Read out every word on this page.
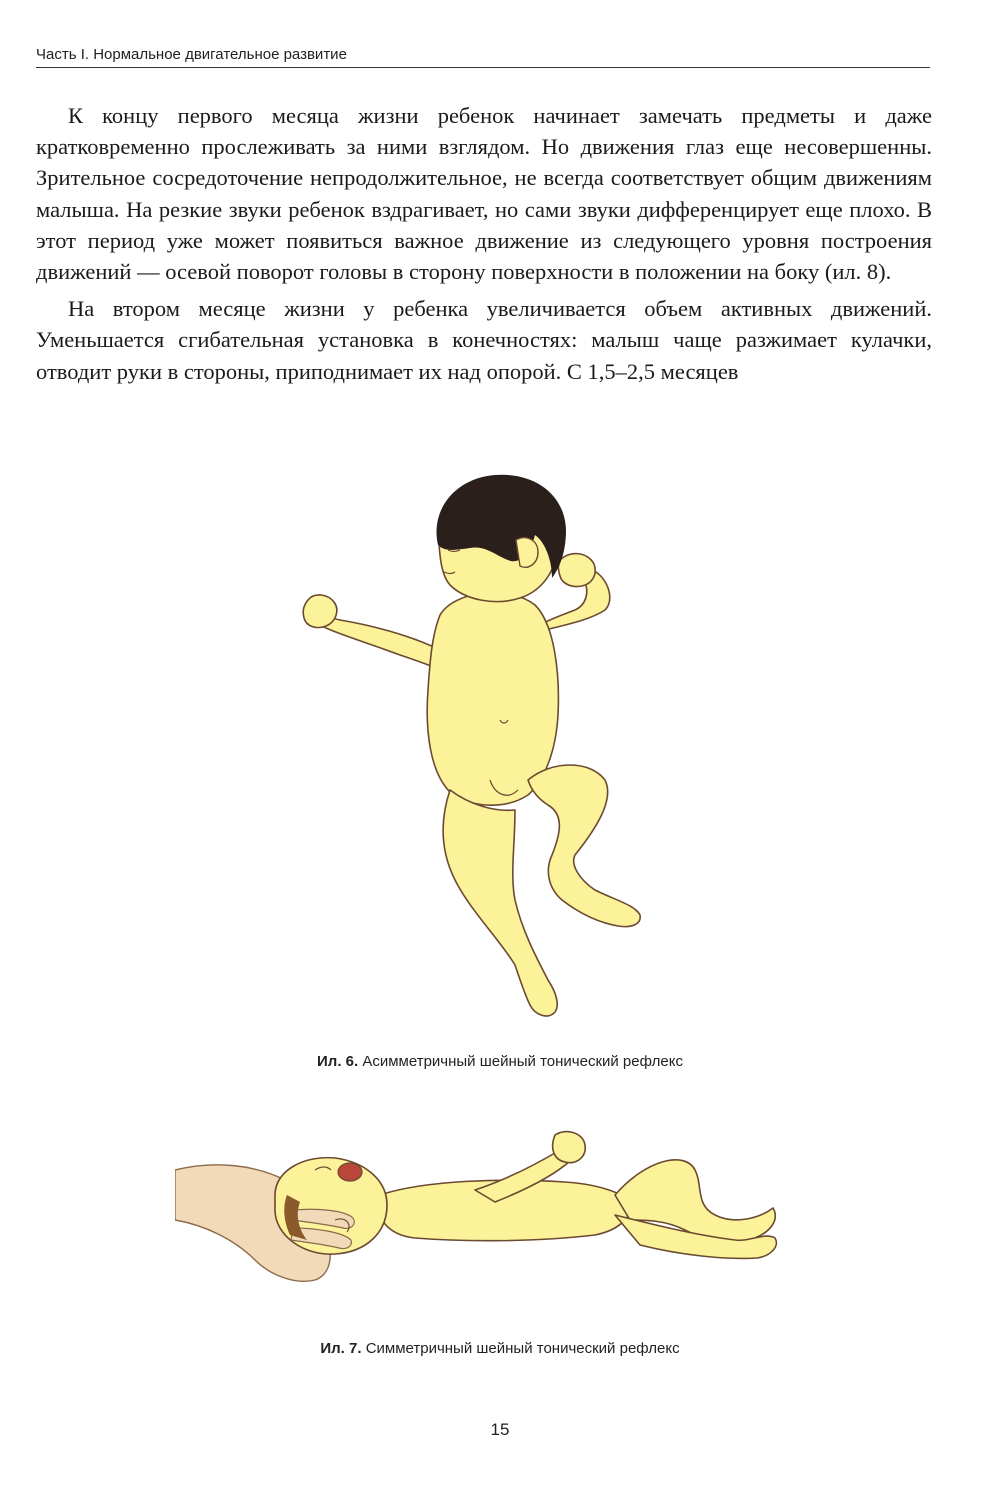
Часть I. Нормальное двигательное развитие

К концу первого месяца жизни ребенок начинает замечать предметы и даже кратковременно прослеживать за ними взглядом. Но движения глаз еще несовершенны. Зрительное сосредоточение непродолжительное, не всегда соответствует общим движениям малыша. На резкие звуки ребенок вздрагивает, но сами звуки дифференцирует еще плохо. В этот период уже может появиться важное движение из следующего уровня построения движений — осевой поворот головы в сторону поверхности в положении на боку (ил. 8).

На втором месяце жизни у ребенка увеличивается объем активных движений. Уменьшается сгибательная установка в конечностях: малыш чаще разжимает кулачки, отводит руки в стороны, приподнимает их над опорой. С 1,5–2,5 месяцев

Ил. 6. Асимметричный шейный тонический рефлекс
Ил. 7. Симметричный шейный тонический рефлекс
15
